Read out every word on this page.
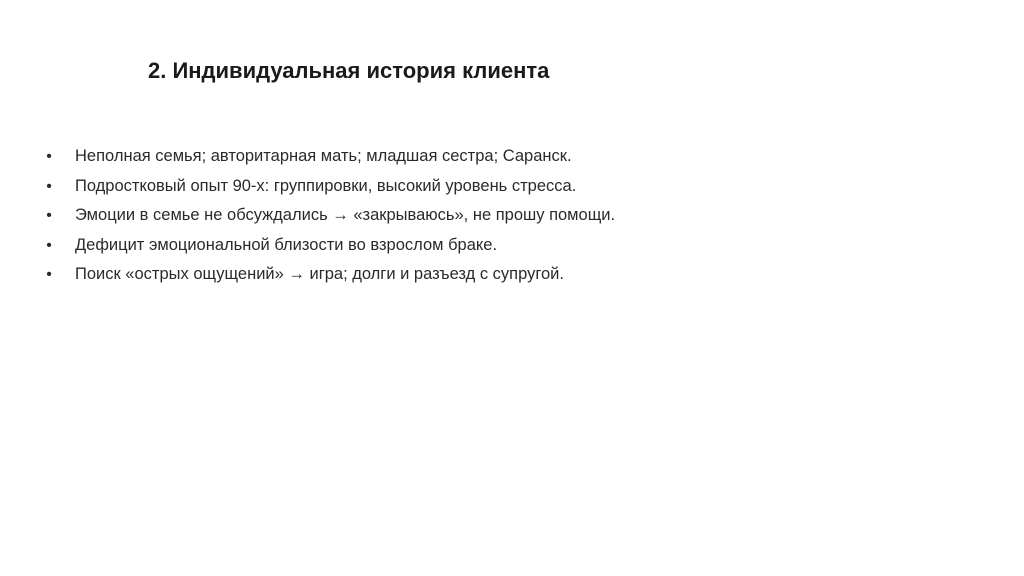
2. Индивидуальная история клиента
• Неполная семья; авторитарная мать; младшая сестра; Саранск.
• Подростковый опыт 90-х: группировки, высокий уровень стресса.
• Эмоции в семье не обсуждались → «закрываюсь», не прошу помощи.
• Дефицит эмоциональной близости во взрослом браке.
• Поиск «острых ощущений» → игра; долги и разъезд с супругой.
